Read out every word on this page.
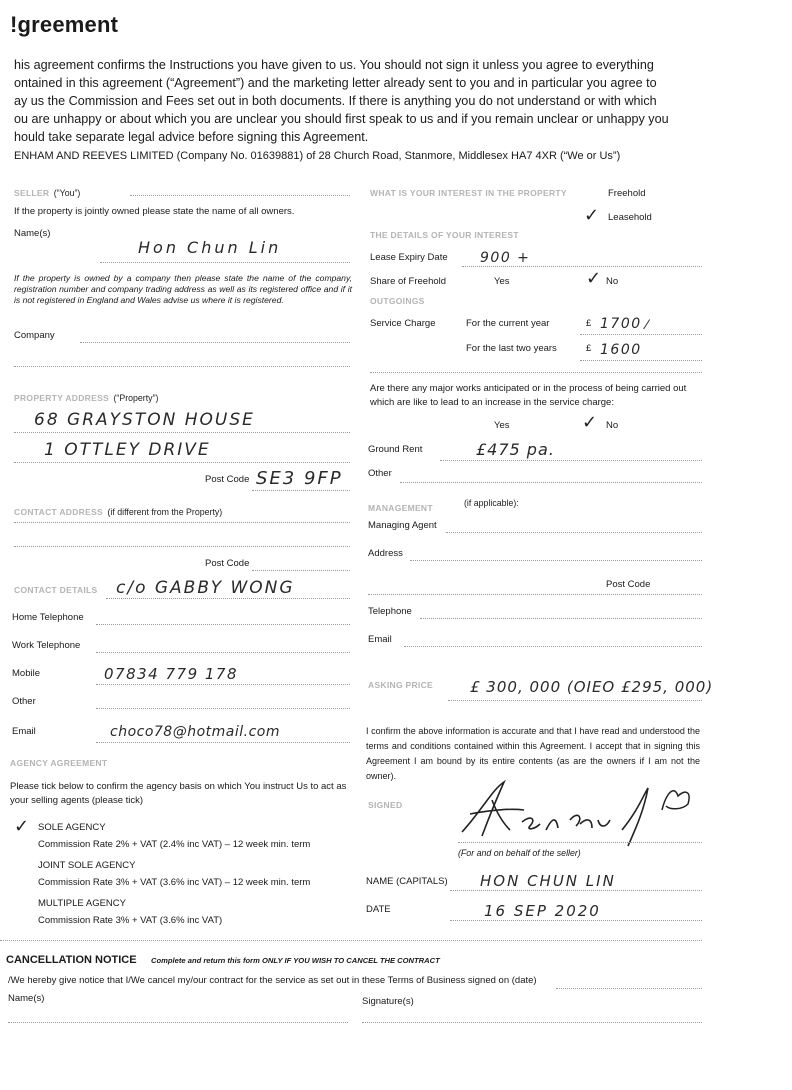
ǃgreement
his agreement confirms the Instructions you have given to us. You should not sign it unless you agree to everything
ontained in this agreement (“Agreement”) and the marketing letter already sent to you and in particular you agree to
ay us the Commission and Fees set out in both documents. If there is anything you do not understand or with which
ou are unhappy or about which you are unclear you should first speak to us and if you remain unclear or unhappy you
hould take separate legal advice before signing this Agreement.
ENHAM AND REEVES LIMITED (Company No. 01639881) of 28 Church Road, Stanmore, Middlesex HA7 4XR (“We or Us”)
SELLER (“You”)
If the property is jointly owned please state the name of all owners.
Name(s)
Hon Chun Lin
If the property is owned by a company then please state the name of the company, registration number and company trading address as well as its registered office and if it is not registered in England and Wales advise us where it is registered.
Company
PROPERTY ADDRESS (“Property”)
68 GRAYSTON HOUSE
1 OTTLEY DRIVE
Post Code SE3 9FP
CONTACT ADDRESS (if different from the Property)
Post Code
CONTACT DETAILS c/o GABBY WONG
Home Telephone
Work Telephone
Mobile	07834 779 178
Other
Email	choco78@hotmail.com
AGENCY AGREEMENT
Please tick below to confirm the agency basis on which You instruct Us to act as your selling agents (please tick)
✓ SOLE AGENCY
Commission Rate 2% + VAT (2.4% inc VAT) – 12 week min. term
JOINT SOLE AGENCY
Commission Rate 3% + VAT (3.6% inc VAT) – 12 week min. term
MULTIPLE AGENCY
Commission Rate 3% + VAT (3.6% inc VAT)
WHAT IS YOUR INTEREST IN THE PROPERTY	Freehold
✓ Leasehold
THE DETAILS OF YOUR INTEREST
Lease Expiry Date 900 +
Share of Freehold	Yes	✓ No
OUTGOINGS
Service Charge	For the current year	£ 1700 ⁄
For the last two years	£ 1600
Are there any major works anticipated or in the process of being carried out which are like to lead to an increase in the service charge:
Yes	✓ No
Ground Rent	£475 pa.
Other
MANAGEMENT	(if applicable):
Managing Agent
Address
Post Code
Telephone
Email
ASKING PRICE £ 300, 000 (OIEO £295, 000)
I confirm the above information is accurate and that I have read and understood the terms and conditions contained within this Agreement. I accept that in signing this Agreement I am bound by its entire contents (as are the owners if I am not the owner).
SIGNED
(For and on behalf of the seller)
NAME (CAPITALS) HON CHUN LIN
DATE	16 SEP 2020
CANCELLATION NOTICE Complete and return this form ONLY IF YOU WISH TO CANCEL THE CONTRACT
/We hereby give notice that I/We cancel my/our contract for the service as set out in these Terms of Business signed on (date)
Name(s)	Signature(s)
